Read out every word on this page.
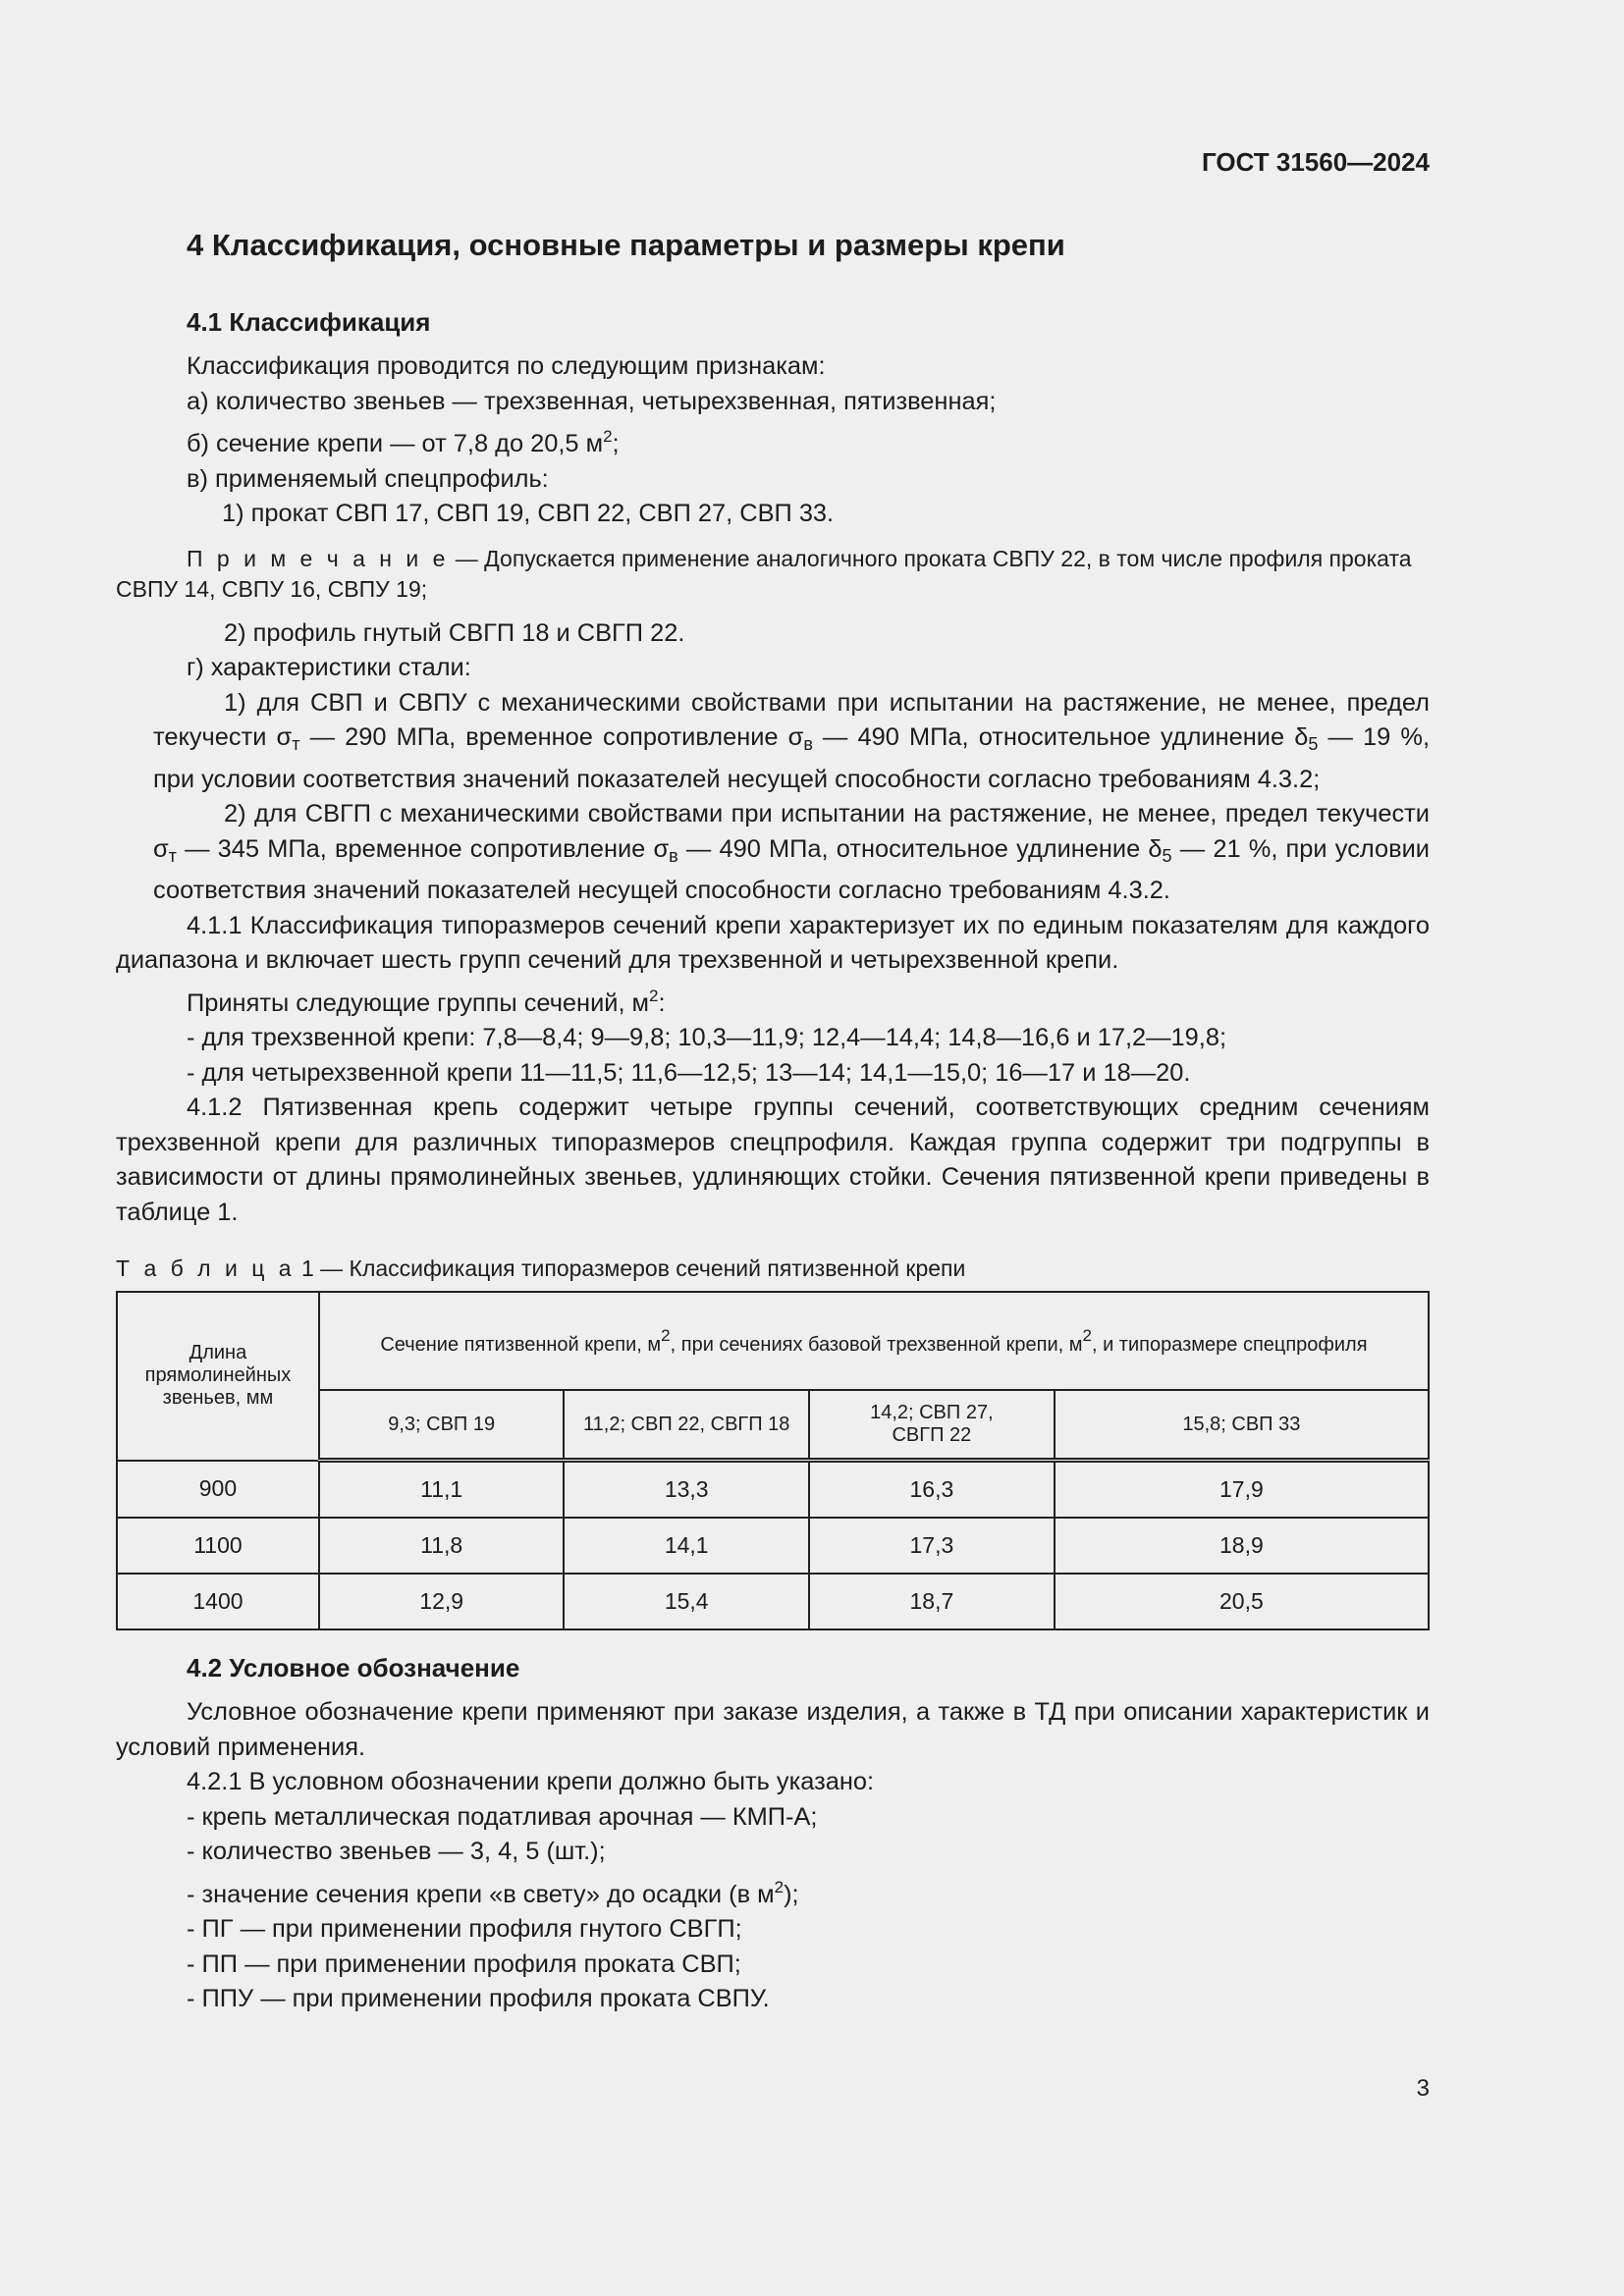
ГОСТ 31560—2024
4 Классификация, основные параметры и размеры крепи
4.1 Классификация

Классификация проводится по следующим признакам:

а) количество звеньев — трехзвенная, четырехзвенная, пятизвенная;

б) сечение крепи — от 7,8 до 20,5 $м^2$;

в) применяемый спецпрофиль:

1) прокат СВП 17, СВП 19, СВП 22, СВП 27, СВП 33.

П р и м е ч а н и е — Допускается применение аналогичного проката СВПУ 22, в том числе профиля проката СВПУ 14, СВПУ 16, СВПУ 19;

2) профиль гнутый СВГП 18 и СВГП 22.

г) характеристики стали:

1) для СВП и СВПУ с механическими свойствами при испытании на растяжение, не менее, предел текучести $\sigma_т$ — 290 МПа, временное сопротивление $\sigma_в$ — 490 МПа, относительное удлинение $\delta_5$ — 19 %, при условии соответствия значений показателей несущей способности согласно требованиям 4.3.2;

2) для СВГП с механическими свойствами при испытании на растяжение, не менее, предел текучести $\sigma_т$ — 345 МПа, временное сопротивление $\sigma_в$ — 490 МПа, относительное удлинение $\delta_5$ — 21 %, при условии соответствия значений показателей несущей способности согласно требованиям 4.3.2.

4.1.1 Классификация типоразмеров сечений крепи характеризует их по единым показателям для каждого диапазона и включает шесть групп сечений для трехзвенной и четырехзвенной крепи.

Приняты следующие группы сечений, $м^2$:

- для трехзвенной крепи: 7,8—8,4; 9—9,8; 10,3—11,9; 12,4—14,4; 14,8—16,6 и 17,2—19,8;

- для четырехзвенной крепи 11—11,5; 11,6—12,5; 13—14; 14,1—15,0; 16—17 и 18—20.

4.1.2 Пятизвенная крепь содержит четыре группы сечений, соответствующих средним сечениям трехзвенной крепи для различных типоразмеров спецпрофиля. Каждая группа содержит три подгруппы в зависимости от длины прямолинейных звеньев, удлиняющих стойки. Сечения пятизвенной крепи приведены в таблице 1.

Т а б л и ц а 1 — Классификация типоразмеров сечений пятизвенной крепи
Длина прямолинейных звеньев, мм	Сечение пятизвенной крепи, $м^2$, при сечениях базовой трехзвенной крепи, $м^2$, и типоразмере спецпрофиля			
	9,3; СВП 19	11,2; СВП 22, СВГП 18	14,2; СВП 27, СВГП 22	15,8; СВП 33
900	11,1	13,3	16,3	17,9
1100	11,8	14,1	17,3	18,9
1400	12,9	15,4	18,7	20,5
4.2 Условное обозначение

Условное обозначение крепи применяют при заказе изделия, а также в ТД при описании характеристик и условий применения.

4.2.1 В условном обозначении крепи должно быть указано:

- крепь металлическая податливая арочная — КМП-А;

- количество звеньев — 3, 4, 5 (шт.);

- значение сечения крепи «в свету» до осадки (в $м^2$);

- ПГ — при применении профиля гнутого СВГП;

- ПП — при применении профиля проката СВП;

- ППУ — при применении профиля проката СВПУ.

3
